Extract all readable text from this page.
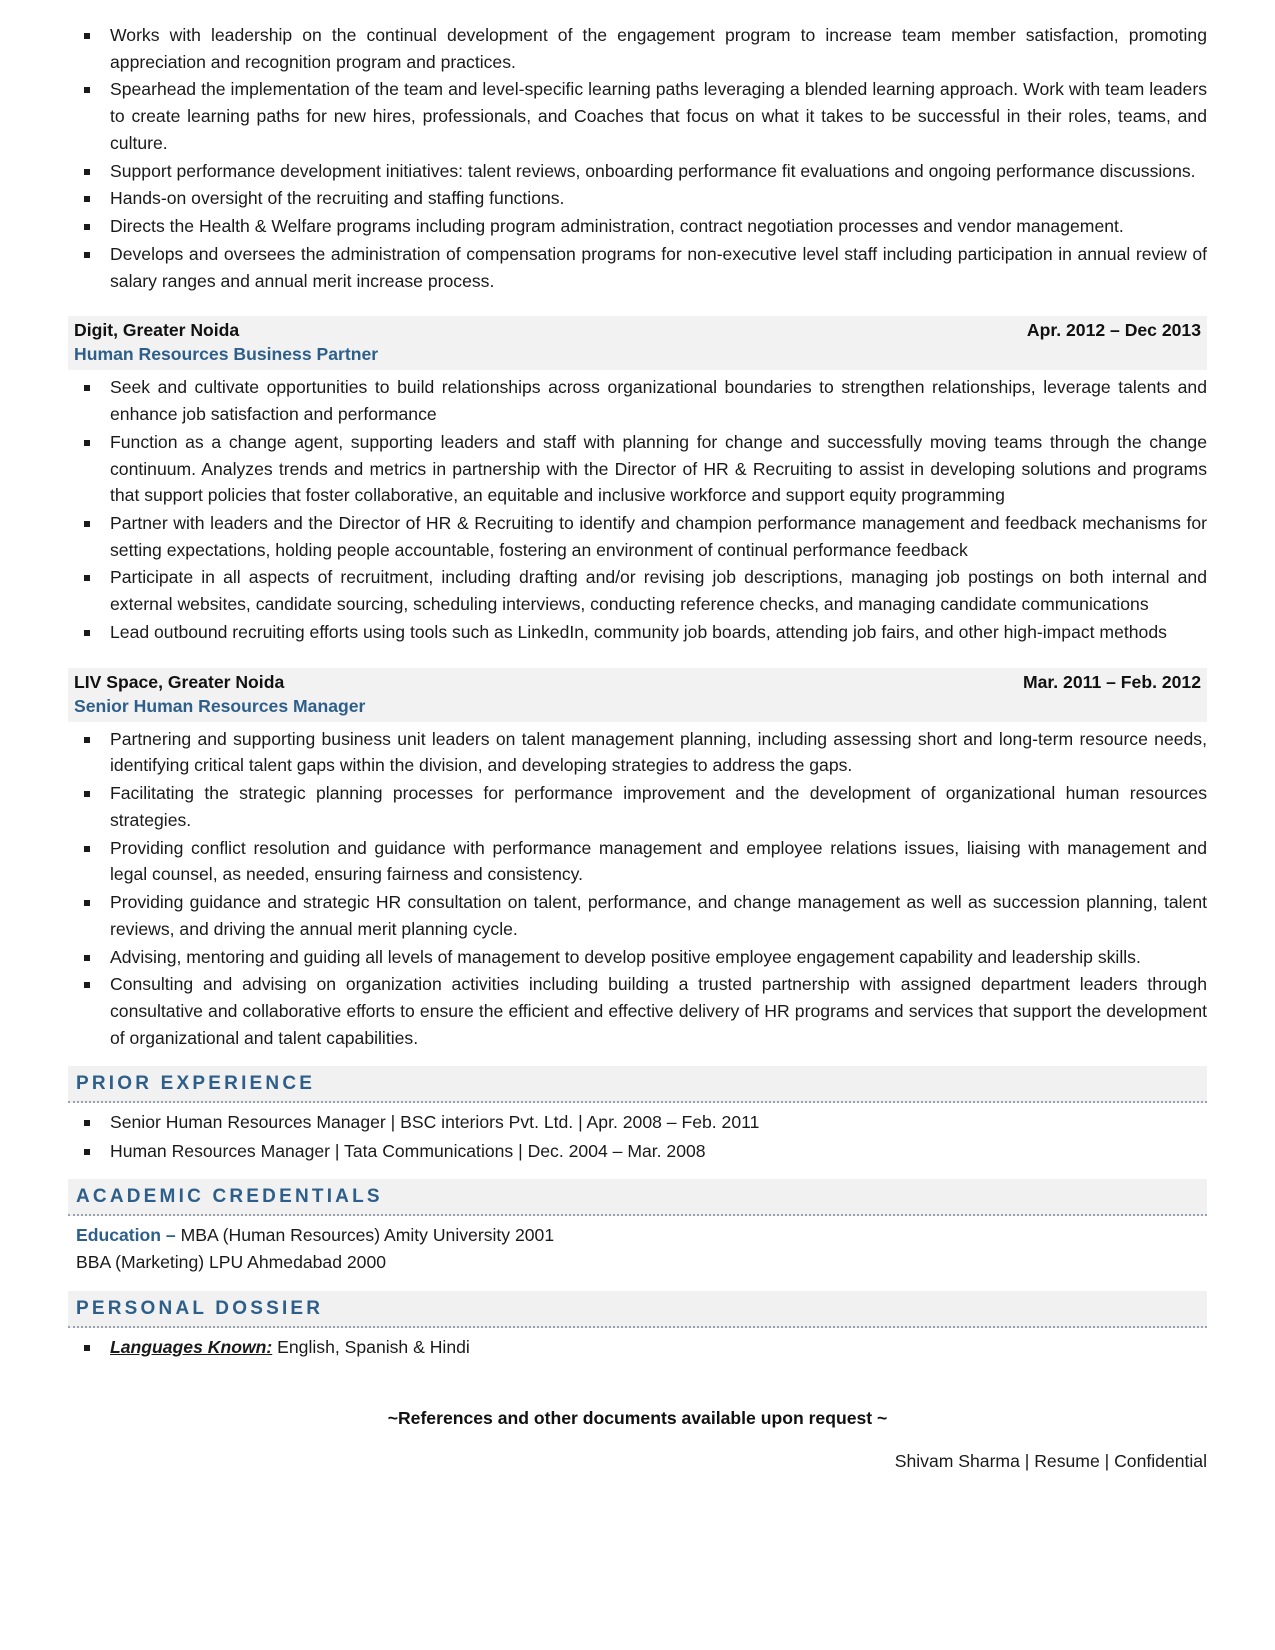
Works with leadership on the continual development of the engagement program to increase team member satisfaction, promoting appreciation and recognition program and practices.
Spearhead the implementation of the team and level-specific learning paths leveraging a blended learning approach. Work with team leaders to create learning paths for new hires, professionals, and Coaches that focus on what it takes to be successful in their roles, teams, and culture.
Support performance development initiatives: talent reviews, onboarding performance fit evaluations and ongoing performance discussions.
Hands-on oversight of the recruiting and staffing functions.
Directs the Health & Welfare programs including program administration, contract negotiation processes and vendor management.
Develops and oversees the administration of compensation programs for non-executive level staff including participation in annual review of salary ranges and annual merit increase process.
Digit, Greater Noida	Apr. 2012 – Dec 2013
Human Resources Business Partner
Seek and cultivate opportunities to build relationships across organizational boundaries to strengthen relationships, leverage talents and enhance job satisfaction and performance
Function as a change agent, supporting leaders and staff with planning for change and successfully moving teams through the change continuum. Analyzes trends and metrics in partnership with the Director of HR & Recruiting to assist in developing solutions and programs that support policies that foster collaborative, an equitable and inclusive workforce and support equity programming
Partner with leaders and the Director of HR & Recruiting to identify and champion performance management and feedback mechanisms for setting expectations, holding people accountable, fostering an environment of continual performance feedback
Participate in all aspects of recruitment, including drafting and/or revising job descriptions, managing job postings on both internal and external websites, candidate sourcing, scheduling interviews, conducting reference checks, and managing candidate communications
Lead outbound recruiting efforts using tools such as LinkedIn, community job boards, attending job fairs, and other high-impact methods
LIV Space, Greater Noida	Mar. 2011 – Feb. 2012
Senior Human Resources Manager
Partnering and supporting business unit leaders on talent management planning, including assessing short and long-term resource needs, identifying critical talent gaps within the division, and developing strategies to address the gaps.
Facilitating the strategic planning processes for performance improvement and the development of organizational human resources strategies.
Providing conflict resolution and guidance with performance management and employee relations issues, liaising with management and legal counsel, as needed, ensuring fairness and consistency.
Providing guidance and strategic HR consultation on talent, performance, and change management as well as succession planning, talent reviews, and driving the annual merit planning cycle.
Advising, mentoring and guiding all levels of management to develop positive employee engagement capability and leadership skills.
Consulting and advising on organization activities including building a trusted partnership with assigned department leaders through consultative and collaborative efforts to ensure the efficient and effective delivery of HR programs and services that support the development of organizational and talent capabilities.
PRIOR EXPERIENCE
Senior Human Resources Manager | BSC interiors Pvt. Ltd. | Apr. 2008 – Feb. 2011
Human Resources Manager | Tata Communications | Dec. 2004 – Mar. 2008
ACADEMIC CREDENTIALS
Education – MBA (Human Resources) Amity University 2001
BBA (Marketing) LPU Ahmedabad 2000
PERSONAL DOSSIER
Languages Known: English, Spanish & Hindi
~References and other documents available upon request ~
Shivam Sharma | Resume | Confidential
